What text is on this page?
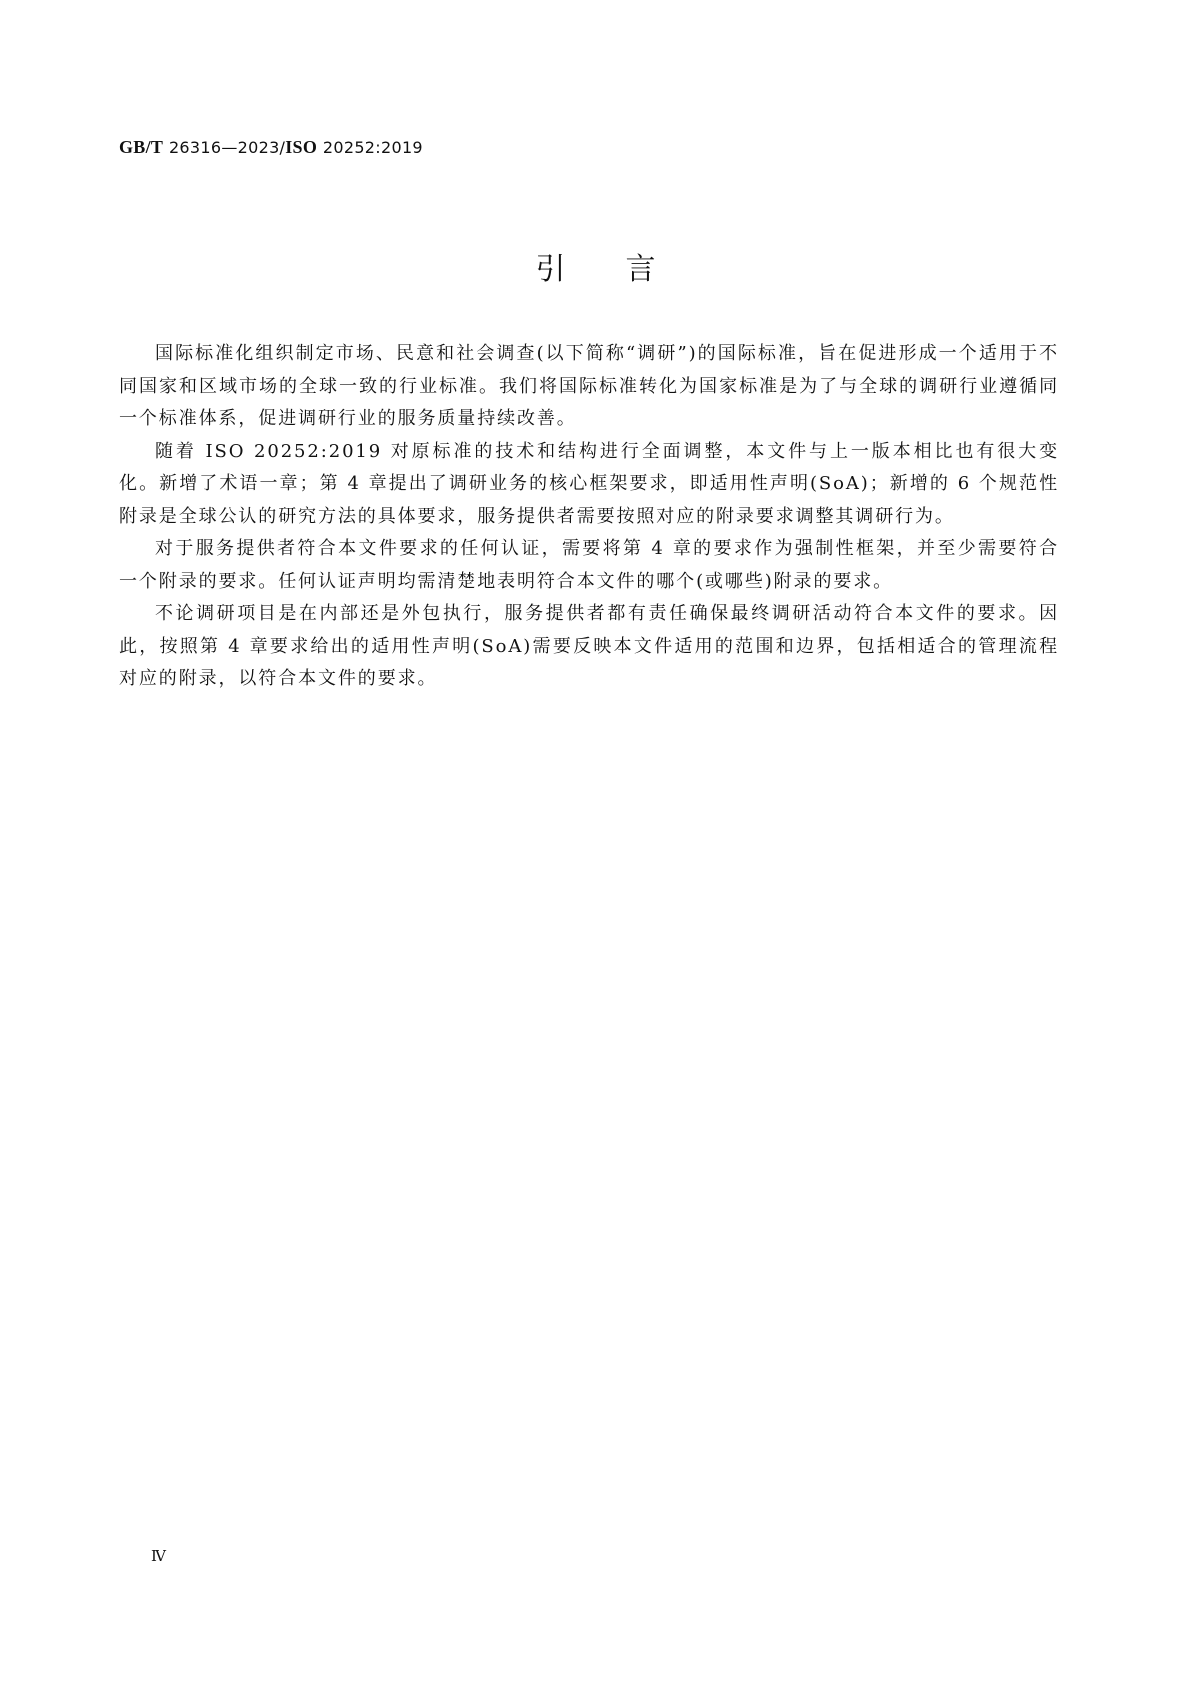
GB/T 26316—2023/ISO 20252:2019
引言

国际标准化组织制定市场、民意和社会调查(以下简称“调研”)的国际标准，旨在促进形成一个适用于不同国家和区域市场的全球一致的行业标准。我们将国际标准转化为国家标准是为了与全球的调研行业遵循同一个标准体系，促进调研行业的服务质量持续改善。

随着 ISO 20252:2019 对原标准的技术和结构进行全面调整，本文件与上一版本相比也有很大变化。新增了术语一章；第 4 章提出了调研业务的核心框架要求，即适用性声明(SoA)；新增的 6 个规范性附录是全球公认的研究方法的具体要求，服务提供者需要按照对应的附录要求调整其调研行为。

对于服务提供者符合本文件要求的任何认证，需要将第 4 章的要求作为强制性框架，并至少需要符合一个附录的要求。任何认证声明均需清楚地表明符合本文件的哪个(或哪些)附录的要求。

不论调研项目是在内部还是外包执行，服务提供者都有责任确保最终调研活动符合本文件的要求。因此，按照第 4 章要求给出的适用性声明(SoA)需要反映本文件适用的范围和边界，包括相适合的管理流程对应的附录，以符合本文件的要求。

Ⅳ
